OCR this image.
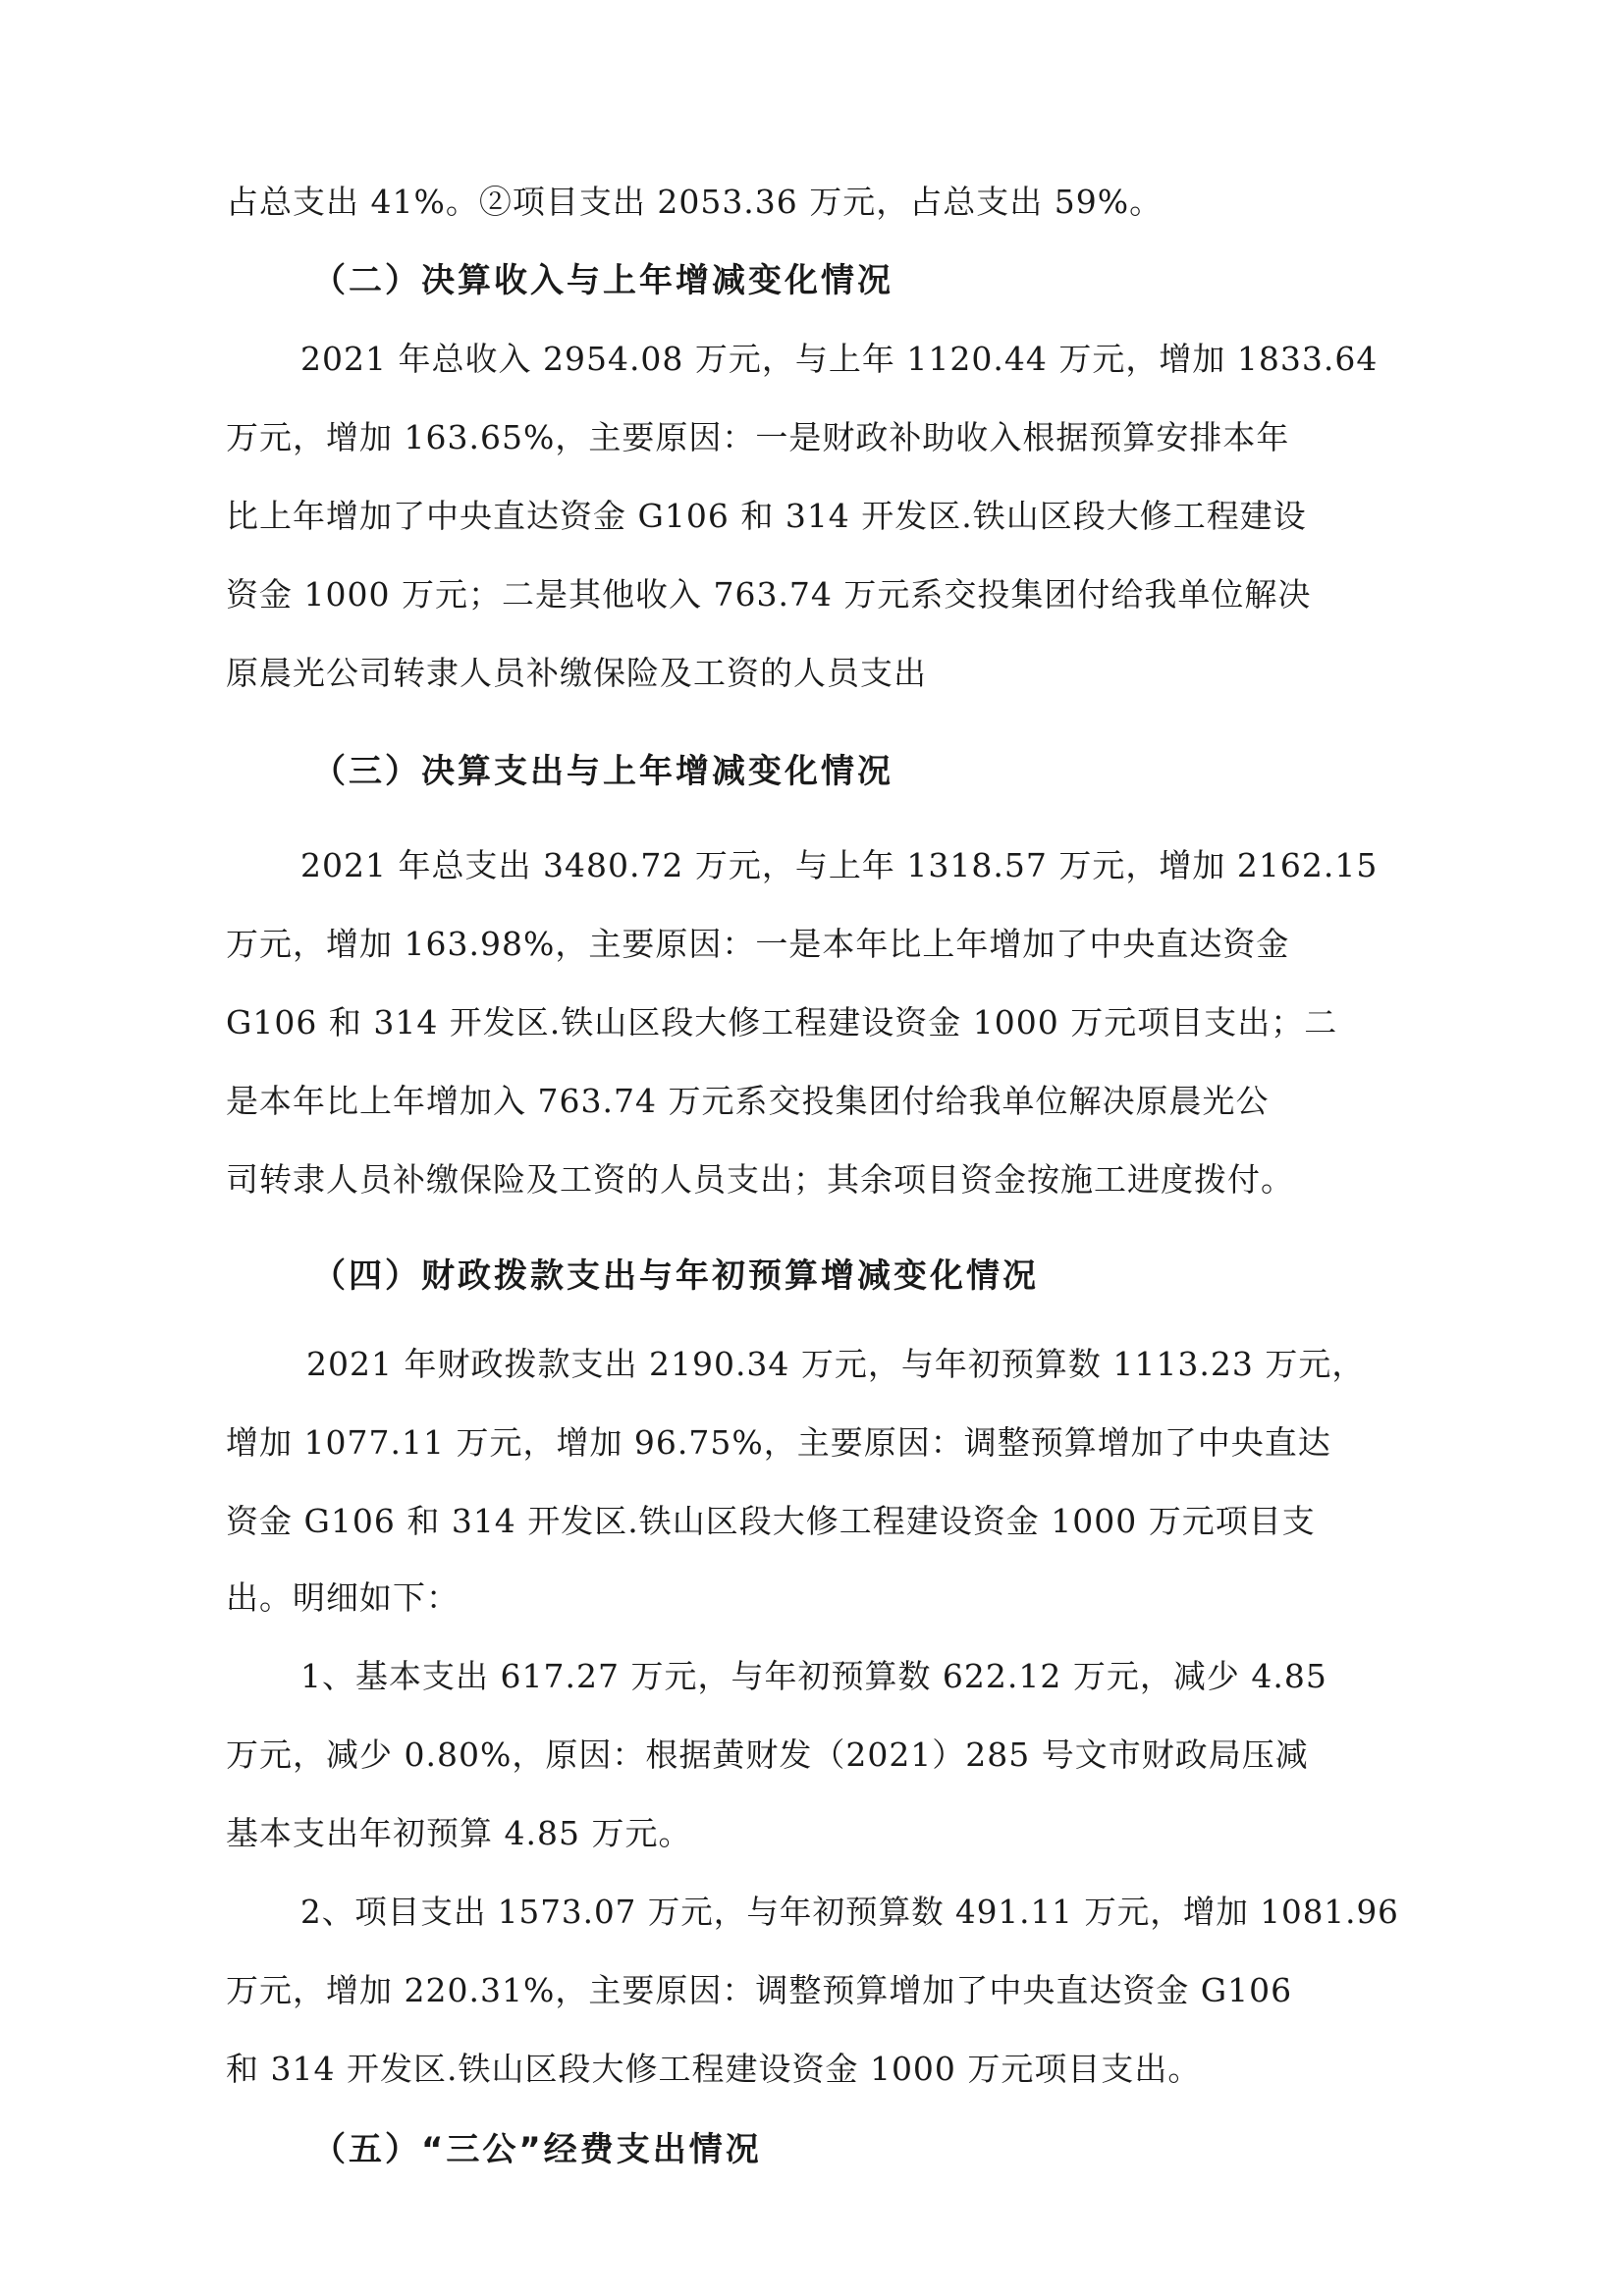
占总支出 41%。②项目支出 2053.36 万元，占总支出 59%。
（二）决算收入与上年增减变化情况
2021 年总收入 2954.08 万元，与上年 1120.44 万元，增加 1833.64
万元，增加 163.65%，主要原因：一是财政补助收入根据预算安排本年
比上年增加了中央直达资金 G106 和 314 开发区.铁山区段大修工程建设
资金 1000 万元；二是其他收入 763.74 万元系交投集团付给我单位解决
原晨光公司转隶人员补缴保险及工资的人员支出
（三）决算支出与上年增减变化情况
2021 年总支出 3480.72 万元，与上年 1318.57 万元，增加 2162.15
万元，增加 163.98%，主要原因：一是本年比上年增加了中央直达资金
G106 和 314 开发区.铁山区段大修工程建设资金 1000 万元项目支出；二
是本年比上年增加入 763.74 万元系交投集团付给我单位解决原晨光公
司转隶人员补缴保险及工资的人员支出；其余项目资金按施工进度拨付。
（四）财政拨款支出与年初预算增减变化情况
2021 年财政拨款支出 2190.34 万元，与年初预算数 1113.23 万元，
增加 1077.11 万元，增加 96.75%，主要原因：调整预算增加了中央直达
资金 G106 和 314 开发区.铁山区段大修工程建设资金 1000 万元项目支
出。明细如下：
1、基本支出 617.27 万元，与年初预算数 622.12 万元，减少 4.85
万元，减少 0.80%，原因：根据黄财发（2021）285 号文市财政局压减
基本支出年初预算 4.85 万元。
2、项目支出 1573.07 万元，与年初预算数 491.11 万元，增加 1081.96
万元，增加 220.31%，主要原因：调整预算增加了中央直达资金 G106
和 314 开发区.铁山区段大修工程建设资金 1000 万元项目支出。
（五）“三公”经费支出情况
